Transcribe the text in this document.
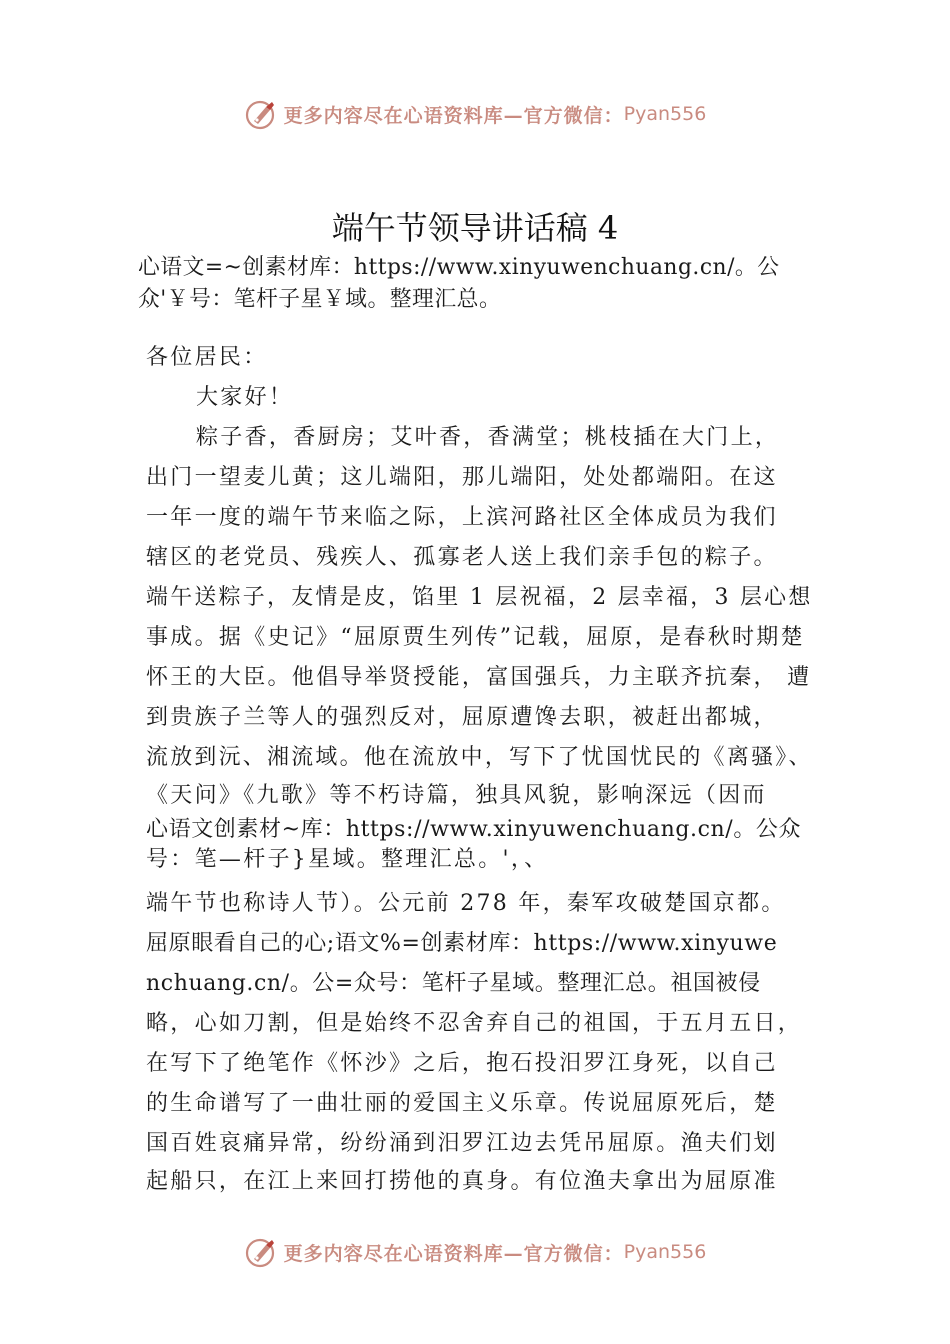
更多内容尽在心语资料库—官方微信： Pyan556
端午节领导讲话稿 4
心语文=~创素材库：https://www.xinyuwenchuang.cn/。公
众'￥号：笔杆子星￥域。整理汇总。
各位居民：
大家好！
粽子香，香厨房；艾叶香，香满堂；桃枝插在大门上，
出门一望麦儿黄；这儿端阳，那儿端阳，处处都端阳。在这
一年一度的端午节来临之际，上滨河路社区全体成员为我们
辖区的老党员、残疾人、孤寡老人送上我们亲手包的粽子。
端午送粽子，友情是皮，馅里 1 层祝福，2 层幸福，3 层心想
事成。据《史记》“屈原贾生列传”记载，屈原，是春秋时期楚
怀王的大臣。他倡导举贤授能，富国强兵，力主联齐抗秦， 遭
到贵族子兰等人的强烈反对，屈原遭馋去职，被赶出都城，
流放到沅、湘流域。他在流放中，写下了忧国忧民的《离骚》、
《天问》《九歌》等不朽诗篇，独具风貌，影响深远（因而
心语文创素材~库：https://www.xinyuwenchuang.cn/。公众
号：笔—杆子}星域。整理汇总。'，、
端午节也称诗人节）。公元前 278 年，秦军攻破楚国京都。
屈原眼看自己的心;语文%=创素材库：https://www.xinyuwe
nchuang.cn/。公=众号：笔杆子星域。整理汇总。祖国被侵
略，心如刀割，但是始终不忍舍弃自己的祖国，于五月五日，
在写下了绝笔作《怀沙》之后，抱石投汨罗江身死，以自己
的生命谱写了一曲壮丽的爱国主义乐章。传说屈原死后，楚
国百姓哀痛异常，纷纷涌到汨罗江边去凭吊屈原。渔夫们划
起船只，在江上来回打捞他的真身。有位渔夫拿出为屈原准
更多内容尽在心语资料库—官方微信： Pyan556
